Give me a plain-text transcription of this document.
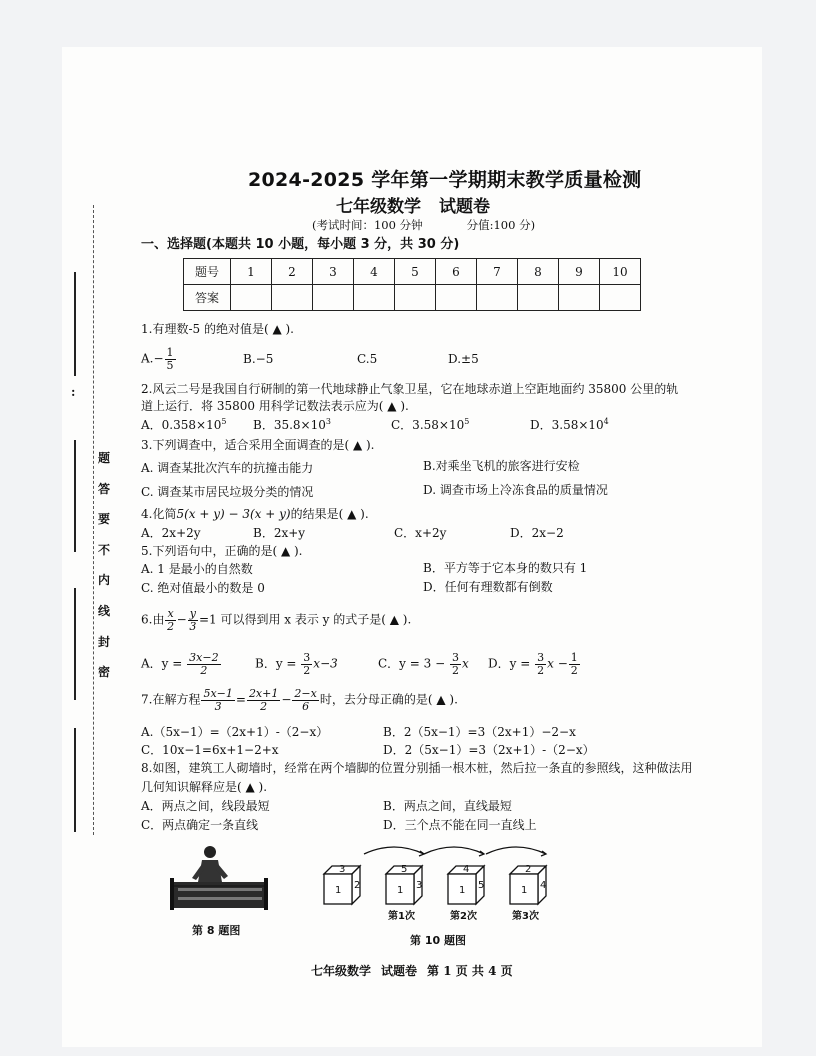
:
题
答
要
不
内
线
封
密
2024-2025 学年第一学期期末教学质量检测
七年级数学 试题卷
(考试时间：100 分钟	分值:100 分)
一、选择题(本题共 10 小题，每小题 3 分，共 30 分)
题号	1	2	3	4	5	6	7	8	9	10
答案										
1.有理数-5 的绝对值是( ▲ ).
$A.- \frac{1}{5}$	B.−5	C.5	D.±5
2.风云二号是我国自行研制的第一代地球静止气象卫星，它在地球赤道上空距地面约 35800 公里的轨
道上运行．将 35800 用科学记数法表示应为( ▲ ).
A．$0.358\times 10^5$ B．$35.8\times 10^3$	C．$3.58\times 10^5$	D．$3.58\times 10^4$
3.下列调查中，适合采用全面调查的是( ▲ ).
A. 调查某批次汽车的抗撞击能力	B.对乘坐飞机的旅客进行安检
C. 调查某市居民垃圾分类的情况	D. 调查市场上冷冻食品的质量情况
4.化简5(x + y) − 3(x + y)的结果是( ▲ ).
A．2x+2y	B．2x+y	C．x+2y	D．2x−2
5.下列语句中，正确的是( ▲ ).
A. 1 是最小的自然数	B．平方等于它本身的数只有 1
C. 绝对值最小的数是 0	D．任何有理数都有倒数
6.由 $\frac{x}{2} - \frac{y}{3} =1$ 可以得到用 x 表示 y 的式子是( ▲ ).
A．$y = \frac{3x-2}{2}$	B．$y = \frac{3}{2} x-3$	C．$y = 3 - \frac{3}{2}$ x D．$y = \frac{3}{2}$ $x - \frac{1}{2}$
7.在解方程 $\frac{5x-1}{3} = \frac{2x+1}{2} - \frac{2-x}{6}$ 时，去分母正确的是( ▲ ).
A.（5x−1）=（2x+1）-（2−x）	B．2（5x−1）=3（2x+1）−2−x
C．10x−1=6x+1−2+x	D．2（5x−1）=3（2x+1）-（2−x）
8.如图，建筑工人砌墙时，经常在两个墙脚的位置分别插一根木桩，然后拉一条直的参照线，这种做法用
几何知识解释应是( ▲ ).
A．两点之间，线段最短	B．两点之间，直线最短
C．两点确定一条直线	D．三个点不能在同一直线上
第 8 题图
1
3
2	1
5
3	1
4
5	1
2
4
第1次	第2次	第3次
第 10 题图
七年级数学 试题卷 第 1 页 共 4 页
